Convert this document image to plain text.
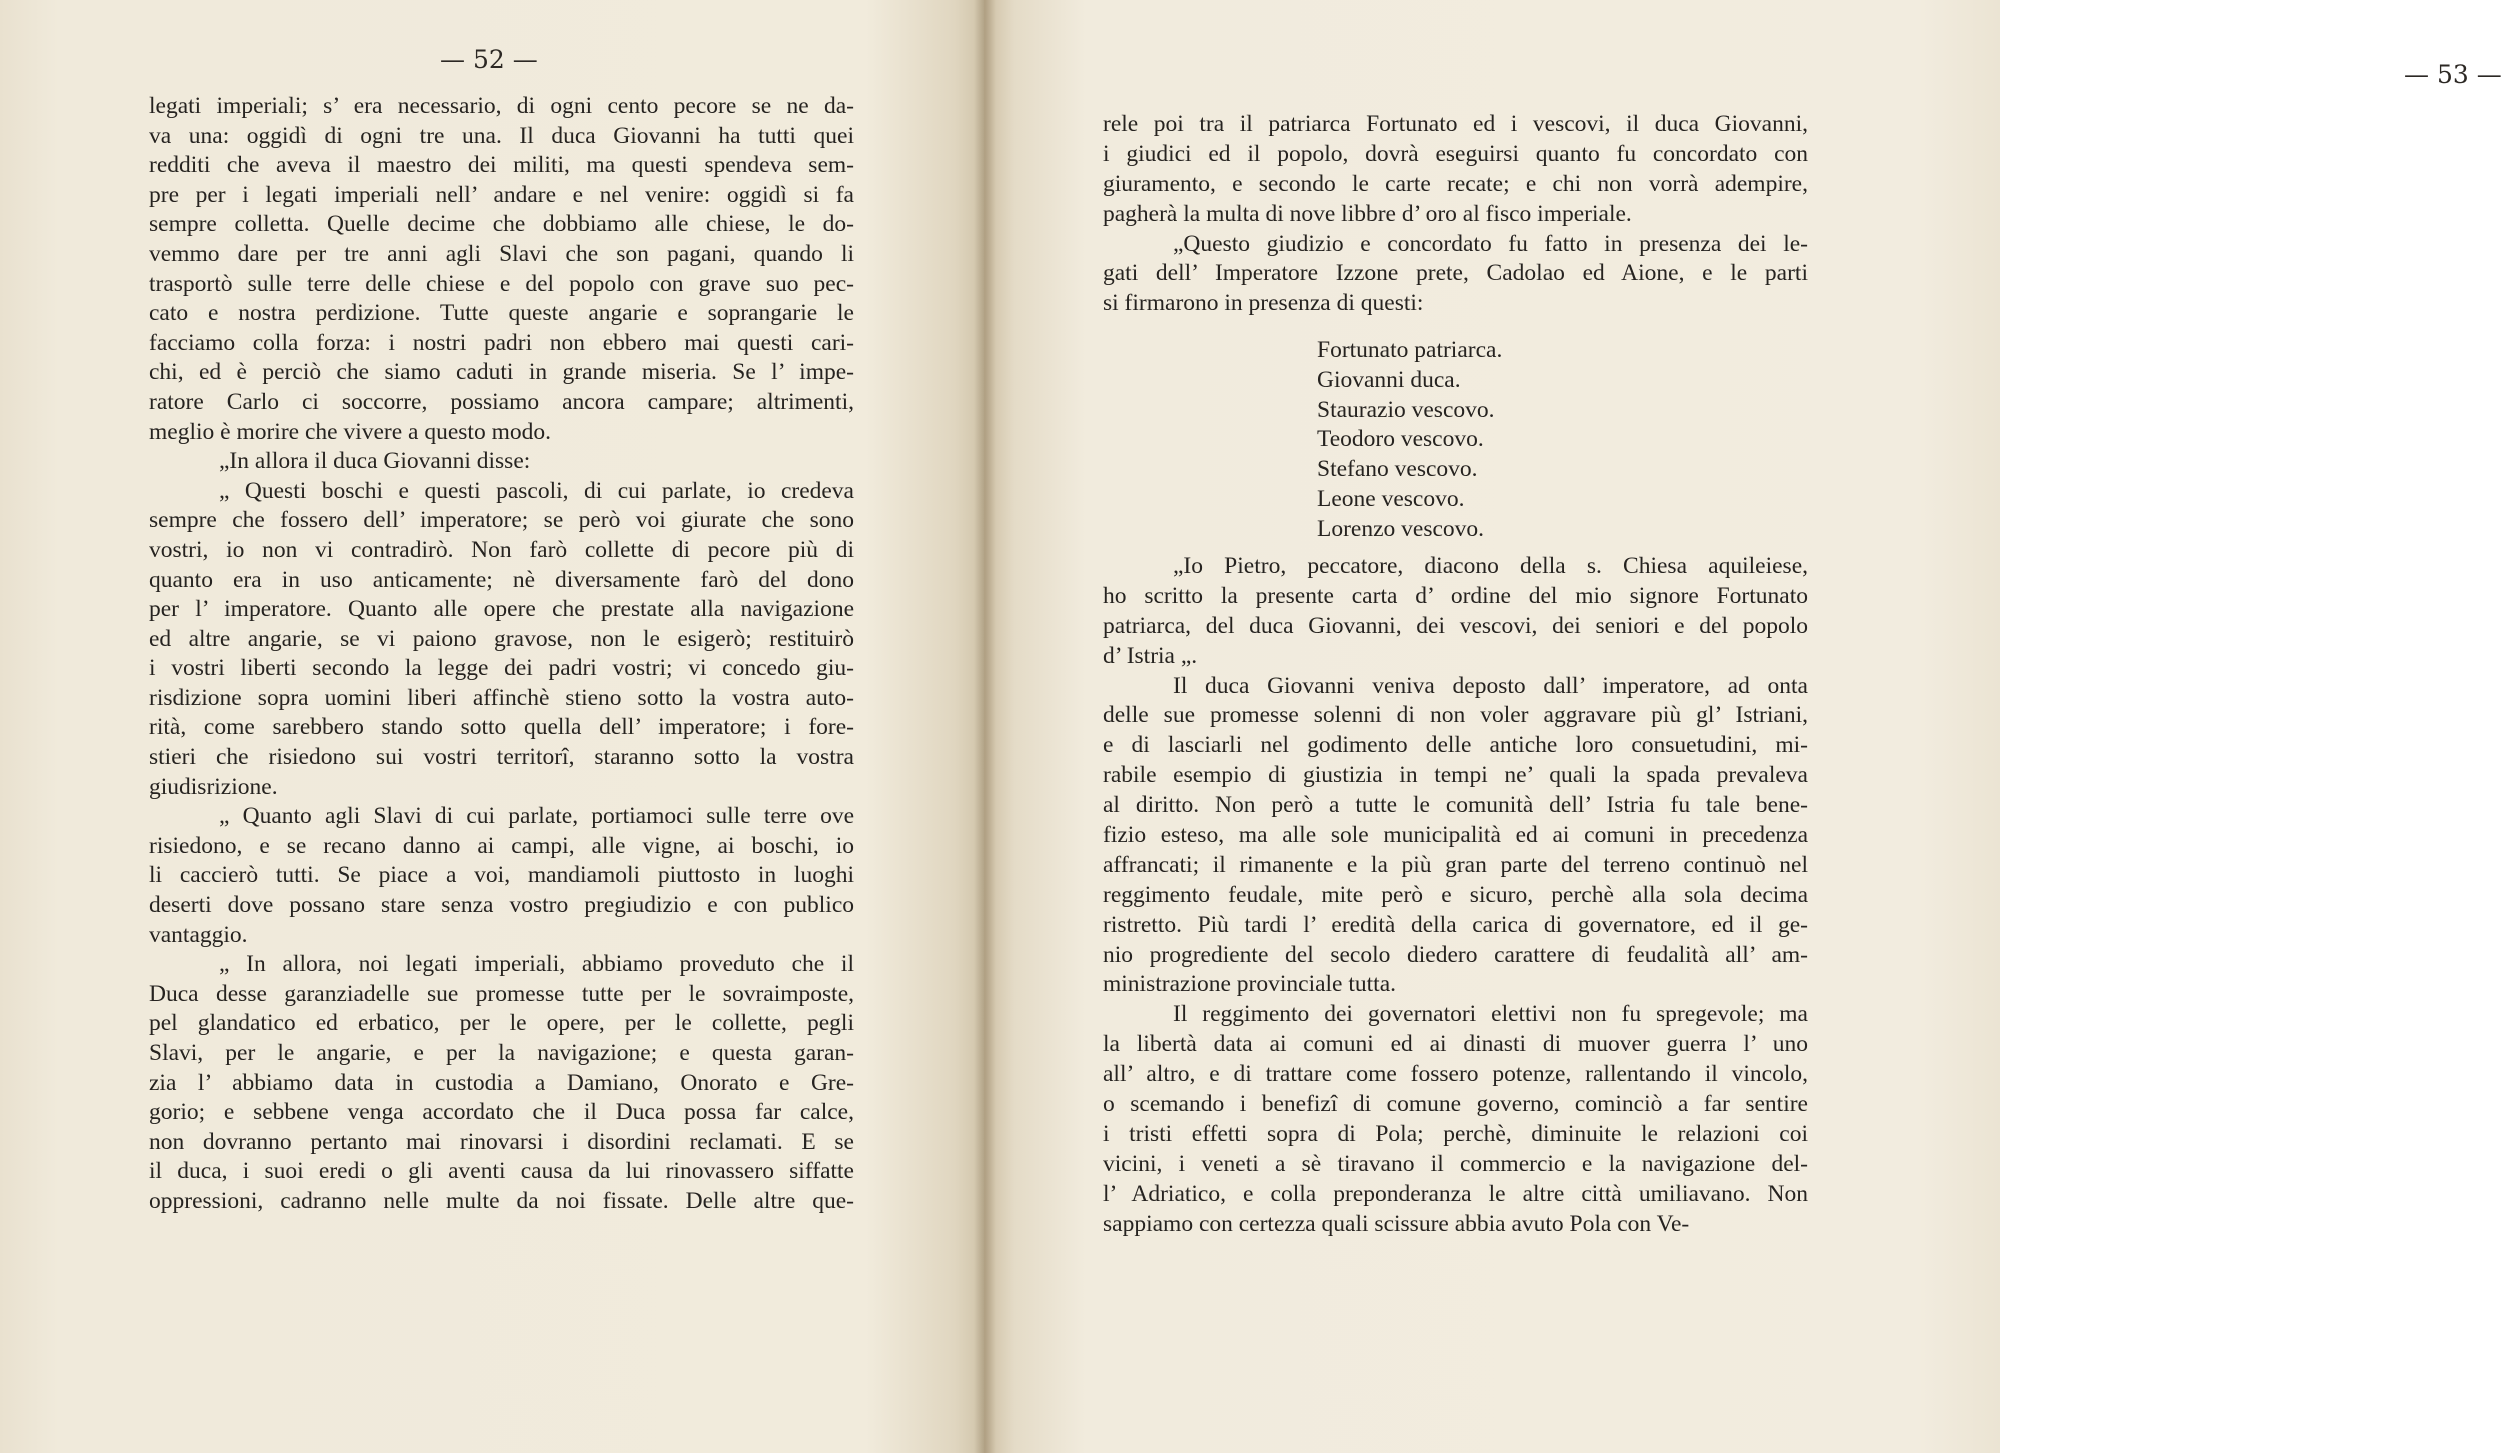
— 52 —
— 53 —
legati imperiali; s’ era necessario, di ogni cento pecore se ne da-
va una: oggidì di ogni tre una. Il duca Giovanni ha tutti quei
redditi che aveva il maestro dei militi, ma questi spendeva sem-
pre per i legati imperiali nell’ andare e nel venire: oggidì si fa
sempre colletta. Quelle decime che dobbiamo alle chiese, le do-
vemmo dare per tre anni agli Slavi che son pagani, quando li
trasportò sulle terre delle chiese e del popolo con grave suo pec-
cato e nostra perdizione. Tutte queste angarie e soprangarie le
facciamo colla forza: i nostri padri non ebbero mai questi cari-
chi, ed è perciò che siamo caduti in grande miseria. Se l’ impe-
ratore Carlo ci soccorre, possiamo ancora campare; altrimenti,
meglio è morire che vivere a questo modo.
„In allora il duca Giovanni disse:
„ Questi boschi e questi pascoli, di cui parlate, io credeva
sempre che fossero dell’ imperatore; se però voi giurate che sono
vostri, io non vi contradirò. Non farò collette di pecore più di
quanto era in uso anticamente; nè diversamente farò del dono
per l’ imperatore. Quanto alle opere che prestate alla navigazione
ed altre angarie, se vi paiono gravose, non le esigerò; restituirò
i vostri liberti secondo la legge dei padri vostri; vi concedo giu-
risdizione sopra uomini liberi affinchè stieno sotto la vostra auto-
rità, come sarebbero stando sotto quella dell’ imperatore; i fore-
stieri che risiedono sui vostri territorî, staranno sotto la vostra
giudisrizione.
„ Quanto agli Slavi di cui parlate, portiamoci sulle terre ove
risiedono, e se recano danno ai campi, alle vigne, ai boschi, io
li caccierò tutti. Se piace a voi, mandiamoli piuttosto in luoghi
deserti dove possano stare senza vostro pregiudizio e con publico
vantaggio.
„ In allora, noi legati imperiali, abbiamo proveduto che il
Duca desse garanziadelle sue promesse tutte per le sovraimposte,
pel glandatico ed erbatico, per le opere, per le collette, pegli
Slavi, per le angarie, e per la navigazione; e questa garan-
zia l’ abbiamo data in custodia a Damiano, Onorato e Gre-
gorio; e sebbene venga accordato che il Duca possa far calce,
non dovranno pertanto mai rinovarsi i disordini reclamati. E se
il duca, i suoi eredi o gli aventi causa da lui rinovassero siffatte
oppressioni, cadranno nelle multe da noi fissate. Delle altre que-
rele poi tra il patriarca Fortunato ed i vescovi, il duca Giovanni,
i giudici ed il popolo, dovrà eseguirsi quanto fu concordato con
giuramento, e secondo le carte recate; e chi non vorrà adempire,
pagherà la multa di nove libbre d’ oro al fisco imperiale.
„Questo giudizio e concordato fu fatto in presenza dei le-
gati dell’ Imperatore Izzone prete, Cadolao ed Aione, e le parti
si firmarono in presenza di questi:
Fortunato patriarca.
Giovanni duca.
Staurazio vescovo.
Teodoro vescovo.
Stefano vescovo.
Leone vescovo.
Lorenzo vescovo.
„Io Pietro, peccatore, diacono della s. Chiesa aquileiese,
ho scritto la presente carta d’ ordine del mio signore Fortunato
patriarca, del duca Giovanni, dei vescovi, dei seniori e del popolo
d’ Istria „.
Il duca Giovanni veniva deposto dall’ imperatore, ad onta
delle sue promesse solenni di non voler aggravare più gl’ Istriani,
e di lasciarli nel godimento delle antiche loro consuetudini, mi-
rabile esempio di giustizia in tempi ne’ quali la spada prevaleva
al diritto. Non però a tutte le comunità dell’ Istria fu tale bene-
fizio esteso, ma alle sole municipalità ed ai comuni in precedenza
affrancati; il rimanente e la più gran parte del terreno continuò nel
reggimento feudale, mite però e sicuro, perchè alla sola decima
ristretto. Più tardi l’ eredità della carica di governatore, ed il ge-
nio progrediente del secolo diedero carattere di feudalità all’ am-
ministrazione provinciale tutta.
Il reggimento dei governatori elettivi non fu spregevole; ma
la libertà data ai comuni ed ai dinasti di muover guerra l’ uno
all’ altro, e di trattare come fossero potenze, rallentando il vincolo,
o scemando i benefizî di comune governo, cominciò a far sentire
i tristi effetti sopra di Pola; perchè, diminuite le relazioni coi
vicini, i veneti a sè tiravano il commercio e la navigazione del-
l’ Adriatico, e colla preponderanza le altre città umiliavano. Non
sappiamo con certezza quali scissure abbia avuto Pola con Ve-
